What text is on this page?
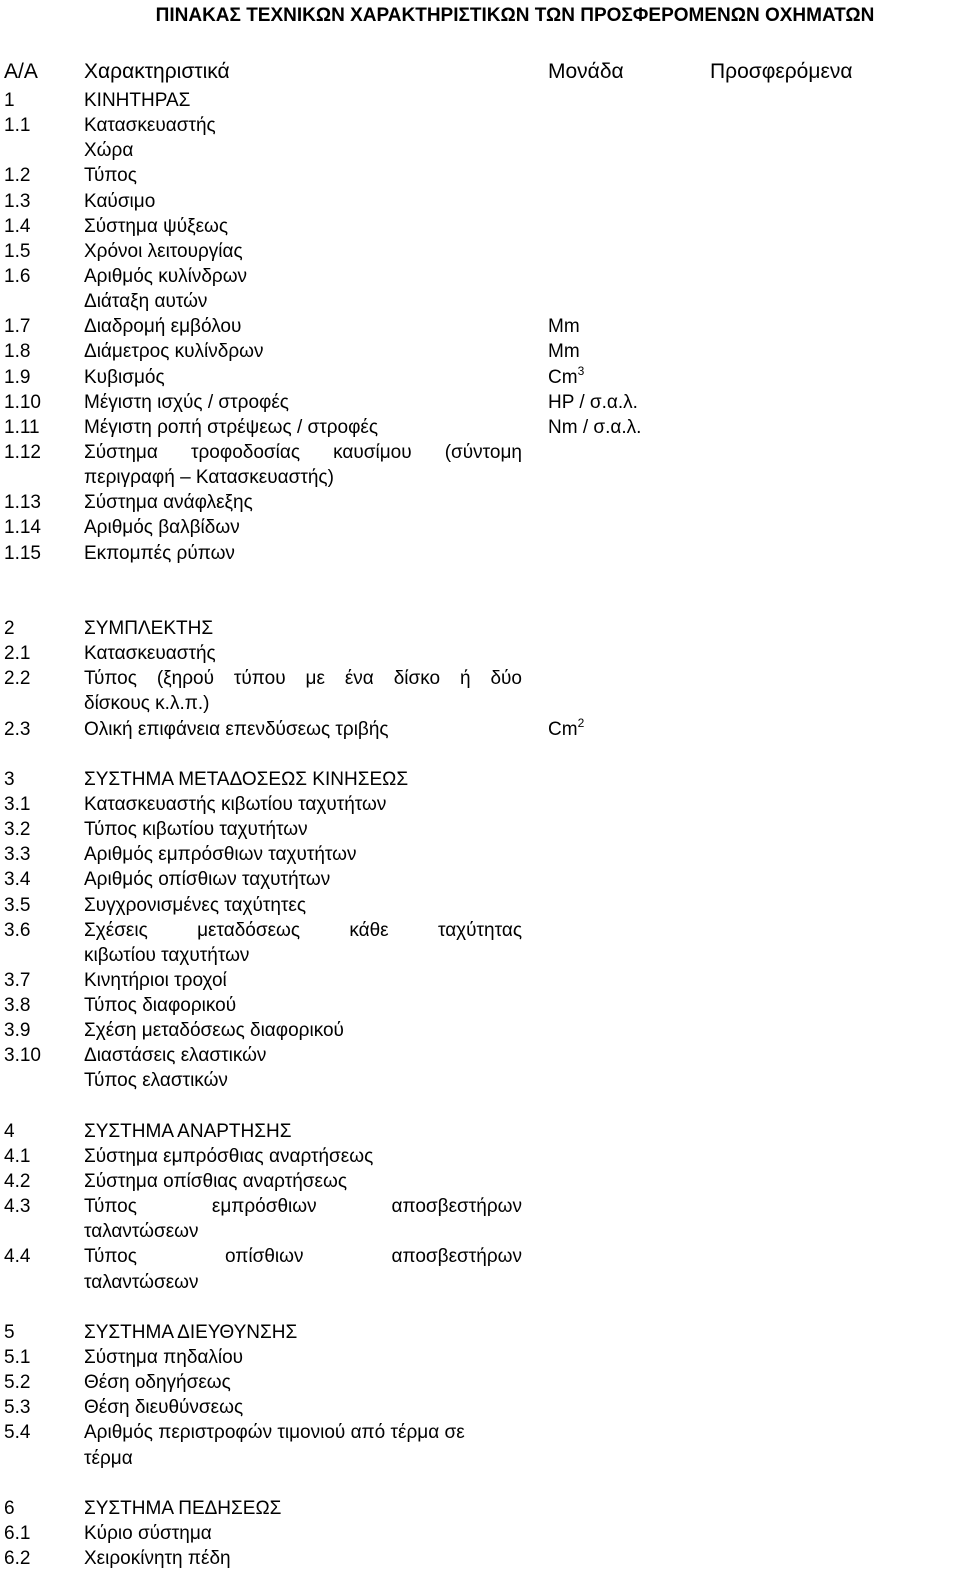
ΠΙΝΑΚΑΣ ΤΕΧΝΙΚΩΝ ΧΑΡΑΚΤΗΡΙΣΤΙΚΩΝ ΤΩΝ ΠΡΟΣΦΕΡΟΜΕΝΩΝ ΟΧΗΜΑΤΩΝ
Α/Α Χαρακτηριστικά	Μονάδα	Προσφερόμενα
1	ΚΙΝΗΤΗΡΑΣ
1.1	Κατασκευαστής
Χώρα
1.2	Τύπος
1.3	Καύσιμο
1.4	Σύστημα ψύξεως
1.5	Χρόνοι λειτουργίας
1.6	Αριθμός κυλίνδρων
Διάταξη αυτών
1.7	Διαδρομή εμβόλου	Mm
1.8	Διάμετρος κυλίνδρων	Mm
1.9	Κυβισμός	Cm$^3$
1.10 Μέγιστη ισχύς / στροφές	HP / σ.α.λ.
1.11 Μέγιστη ροπή στρέψεως / στροφές	Nm / σ.α.λ.
1.12 Σύστημα τροφοδοσίας καυσίμου (σύντομη
περιγραφή – Κατασκευαστής)
1.13 Σύστημα ανάφλεξης
1.14 Αριθμός βαλβίδων
1.15 Εκπομπές ρύπων
2	ΣΥΜΠΛΕΚΤΗΣ
2.1	Κατασκευαστής
2.2	Τύπος (ξηρού τύπου με ένα δίσκο ή δύο
δίσκους κ.λ.π.)
2.3	Ολική επιφάνεια επενδύσεως τριβής	Cm$^2$
3	ΣΥΣΤΗΜΑ ΜΕΤΑΔΟΣΕΩΣ ΚΙΝΗΣΕΩΣ
3.1	Κατασκευαστής κιβωτίου ταχυτήτων
3.2	Τύπος κιβωτίου ταχυτήτων
3.3	Αριθμός εμπρόσθιων ταχυτήτων
3.4	Αριθμός οπίσθιων ταχυτήτων
3.5	Συγχρονισμένες ταχύτητες
3.6	Σχέσεις μεταδόσεως κάθε ταχύτητας
κιβωτίου ταχυτήτων
3.7	Κινητήριοι τροχοί
3.8	Τύπος διαφορικού
3.9	Σχέση μεταδόσεως διαφορικού
3.10 Διαστάσεις ελαστικών
Τύπος ελαστικών
4	ΣΥΣΤΗΜΑ ΑΝΑΡΤΗΣΗΣ
4.1	Σύστημα εμπρόσθιας αναρτήσεως
4.2	Σύστημα οπίσθιας αναρτήσεως
4.3	Τύπος εμπρόσθιων αποσβεστήρων
ταλαντώσεων
4.4	Τύπος οπίσθιων αποσβεστήρων
ταλαντώσεων
5	ΣΥΣΤΗΜΑ ΔΙΕΥΘΥΝΣΗΣ
5.1	Σύστημα πηδαλίου
5.2	Θέση οδηγήσεως
5.3	Θέση διευθύνσεως
5.4	Αριθμός περιστροφών τιμονιού από τέρμα σε
τέρμα
6	ΣΥΣΤΗΜΑ ΠΕΔΗΣΕΩΣ
6.1	Κύριο σύστημα
6.2	Χειροκίνητη πέδη
